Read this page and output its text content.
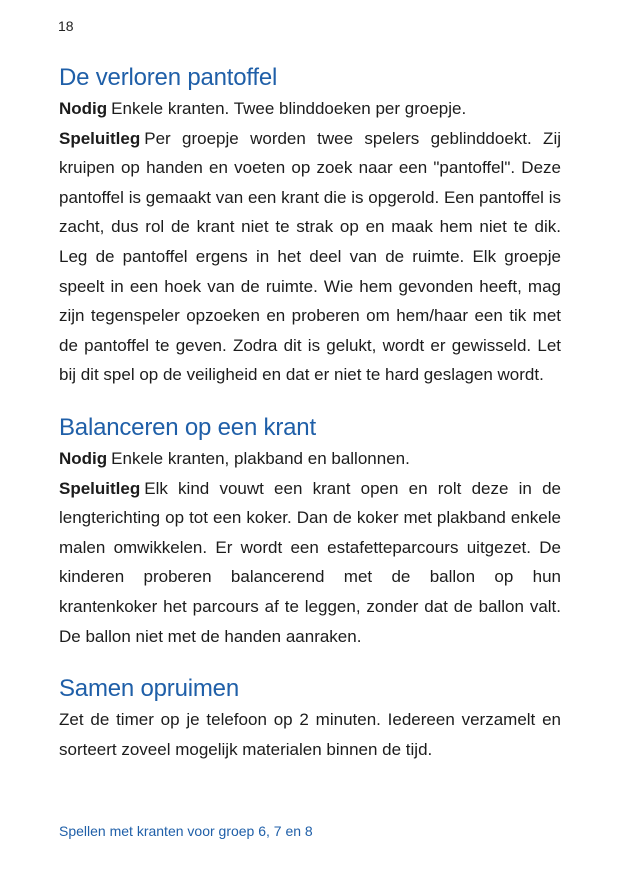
18
De verloren pantoffel

Nodig Enkele kranten. Twee blinddoeken per groepje.

Speluitleg Per groepje worden twee spelers geblinddoekt. Zij kruipen op handen en voeten op zoek naar een "pantoffel". Deze pantoffel is gemaakt van een krant die is opgerold. Een pantoffel is zacht, dus rol de krant niet te strak op en maak hem niet te dik. Leg de pantoffel ergens in het deel van de ruimte. Elk groepje speelt in een hoek van de ruimte. Wie hem gevonden heeft, mag zijn tegenspeler opzoeken en proberen om hem/haar een tik met de pantoffel te geven. Zodra dit is gelukt, wordt er gewisseld. Let bij dit spel op de veiligheid en dat er niet te hard geslagen wordt.

Balanceren op een krant

Nodig Enkele kranten, plakband en ballonnen.

Speluitleg Elk kind vouwt een krant open en rolt deze in de lengterichting op tot een koker. Dan de koker met plakband enkele malen omwikkelen. Er wordt een estafetteparcours uitgezet. De kinderen proberen balancerend met de ballon op hun krantenkoker het parcours af te leggen, zonder dat de ballon valt. De ballon niet met de handen aanraken.

Samen opruimen

Zet de timer op je telefoon op 2 minuten. Iedereen verzamelt en sorteert zoveel mogelijk materialen binnen de tijd.

Spellen met kranten voor groep 6, 7 en 8
